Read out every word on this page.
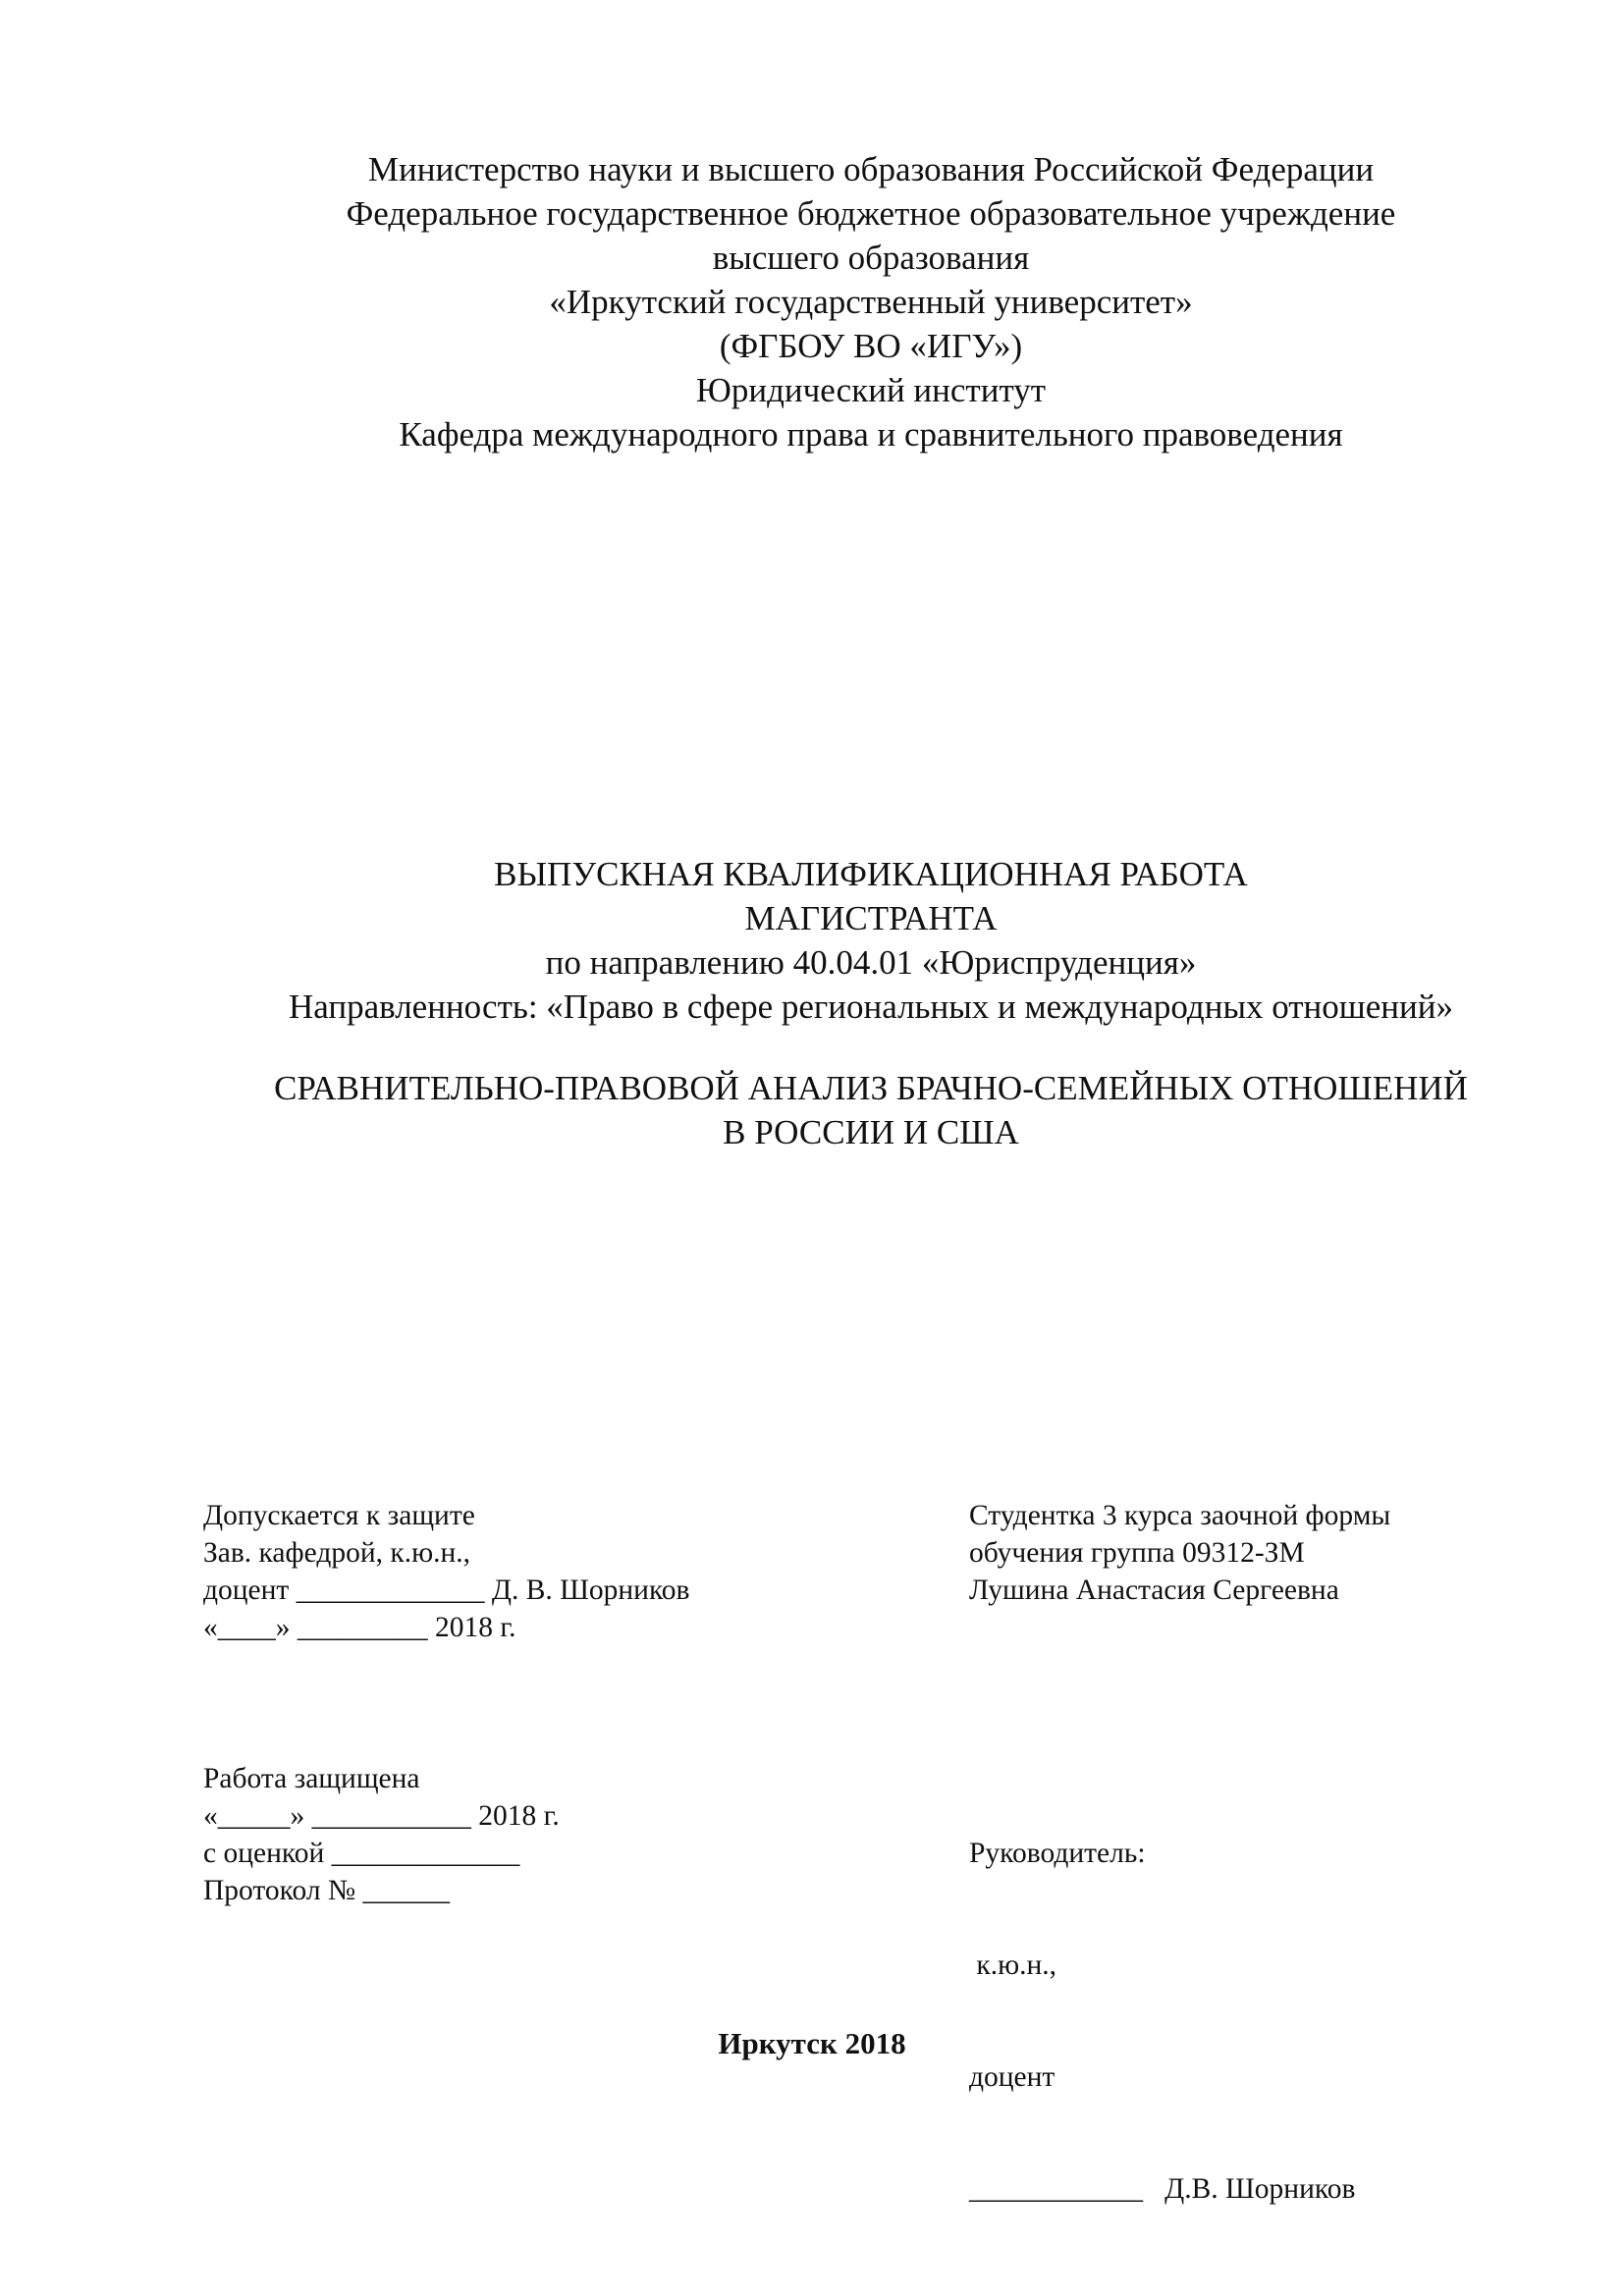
Министерство науки и высшего образования Российской Федерации
Федеральное государственное бюджетное образовательное учреждение
высшего образования
«Иркутский государственный университет»
(ФГБОУ ВО «ИГУ»)
Юридический институт
Кафедра международного права и сравнительного правоведения
ВЫПУСКНАЯ КВАЛИФИКАЦИОННАЯ РАБОТА
МАГИСТРАНТА
по направлению 40.04.01 «Юриспруденция»
Направленность: «Право в сфере региональных и международных отношений»
СРАВНИТЕЛЬНО-ПРАВОВОЙ АНАЛИЗ БРАЧНО-СЕМЕЙНЫХ ОТНОШЕНИЙ
В РОССИИ И США
Допускается к защите
Зав. кафедрой, к.ю.н.,
доцент _____________ Д. В. Шорников
«____» _________ 2018 г.
Студентка 3 курса заочной формы
обучения группа 09312-ЗМ
Лушина Анастасия Сергеевна
Работа защищена
«_____» ___________ 2018 г.
с оценкой _____________
Протокол № ______

Руководитель:

к.ю.н.,

доцент

____________   Д.В. Шорников

Иркутск 2018
